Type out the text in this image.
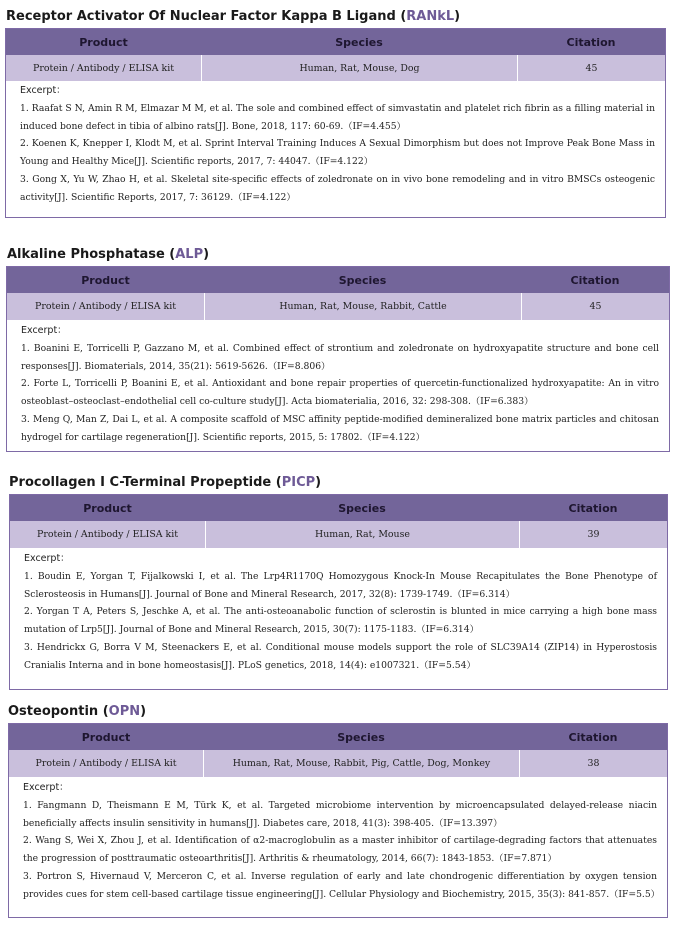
Receptor Activator Of Nuclear Factor Kappa B Ligand (RANkL)
Product	Species	Citation
Protein / Antibody / ELISA kit	Human, Rat, Mouse, Dog	45
Excerpt：

1. Raafat S N, Amin R M, Elmazar M M, et al. The sole and combined effect of simvastatin and platelet rich fibrin as a filling material in induced bone defect in tibia of albino rats[J]. Bone, 2018, 117: 60-69.（IF=4.455）

2. Koenen K, Knepper I, Klodt M, et al. Sprint Interval Training Induces A Sexual Dimorphism but does not Improve Peak Bone Mass in Young and Healthy Mice[J]. Scientific reports, 2017, 7: 44047.（IF=4.122）

3. Gong X, Yu W, Zhao H, et al. Skeletal site-specific effects of zoledronate on in vivo bone remodeling and in vitro BMSCs osteogenic activity[J]. Scientific Reports, 2017, 7: 36129.（IF=4.122）

Alkaline Phosphatase (ALP)
Product	Species	Citation
Protein / Antibody / ELISA kit	Human, Rat, Mouse, Rabbit, Cattle	45
Excerpt：

1. Boanini E, Torricelli P, Gazzano M, et al. Combined effect of strontium and zoledronate on hydroxyapatite structure and bone cell responses[J]. Biomaterials, 2014, 35(21): 5619-5626.（IF=8.806）

2. Forte L, Torricelli P, Boanini E, et al. Antioxidant and bone repair properties of quercetin-functionalized hydroxyapatite: An in vitro osteoblast–osteoclast–endothelial cell co-culture study[J]. Acta biomaterialia, 2016, 32: 298-308.（IF=6.383）

3. Meng Q, Man Z, Dai L, et al. A composite scaffold of MSC affinity peptide-modified demineralized bone matrix particles and chitosan hydrogel for cartilage regeneration[J]. Scientific reports, 2015, 5: 17802.（IF=4.122）

Procollagen I C-Terminal Propeptide (PICP)
Product	Species	Citation
Protein / Antibody / ELISA kit	Human, Rat, Mouse	39
Excerpt：

1. Boudin E, Yorgan T, Fijalkowski I, et al. The Lrp4R1170Q Homozygous Knock-In Mouse Recapitulates the Bone Phenotype of Sclerosteosis in Humans[J]. Journal of Bone and Mineral Research, 2017, 32(8): 1739-1749.（IF=6.314）

2. Yorgan T A, Peters S, Jeschke A, et al. The anti-osteoanabolic function of sclerostin is blunted in mice carrying a high bone mass mutation of Lrp5[J]. Journal of Bone and Mineral Research, 2015, 30(7): 1175-1183.（IF=6.314）

3. Hendrickx G, Borra V M, Steenackers E, et al. Conditional mouse models support the role of SLC39A14 (ZIP14) in Hyperostosis Cranialis Interna and in bone homeostasis[J]. PLoS genetics, 2018, 14(4): e1007321.（IF=5.54）

Osteopontin (OPN)
Product	Species	Citation
Protein / Antibody / ELISA kit	Human, Rat, Mouse, Rabbit, Pig, Cattle, Dog, Monkey	38
Excerpt：

1. Fangmann D, Theismann E M, Türk K, et al. Targeted microbiome intervention by microencapsulated delayed-release niacin beneficially affects insulin sensitivity in humans[J]. Diabetes care, 2018, 41(3): 398-405.（IF=13.397）

2. Wang S, Wei X, Zhou J, et al. Identification of α2-macroglobulin as a master inhibitor of cartilage-degrading factors that attenuates the progression of posttraumatic osteoarthritis[J]. Arthritis & rheumatology, 2014, 66(7): 1843-1853.（IF=7.871）

3. Portron S, Hivernaud V, Merceron C, et al. Inverse regulation of early and late chondrogenic differentiation by oxygen tension provides cues for stem cell-based cartilage tissue engineering[J]. Cellular Physiology and Biochemistry, 2015, 35(3): 841-857.（IF=5.5）
